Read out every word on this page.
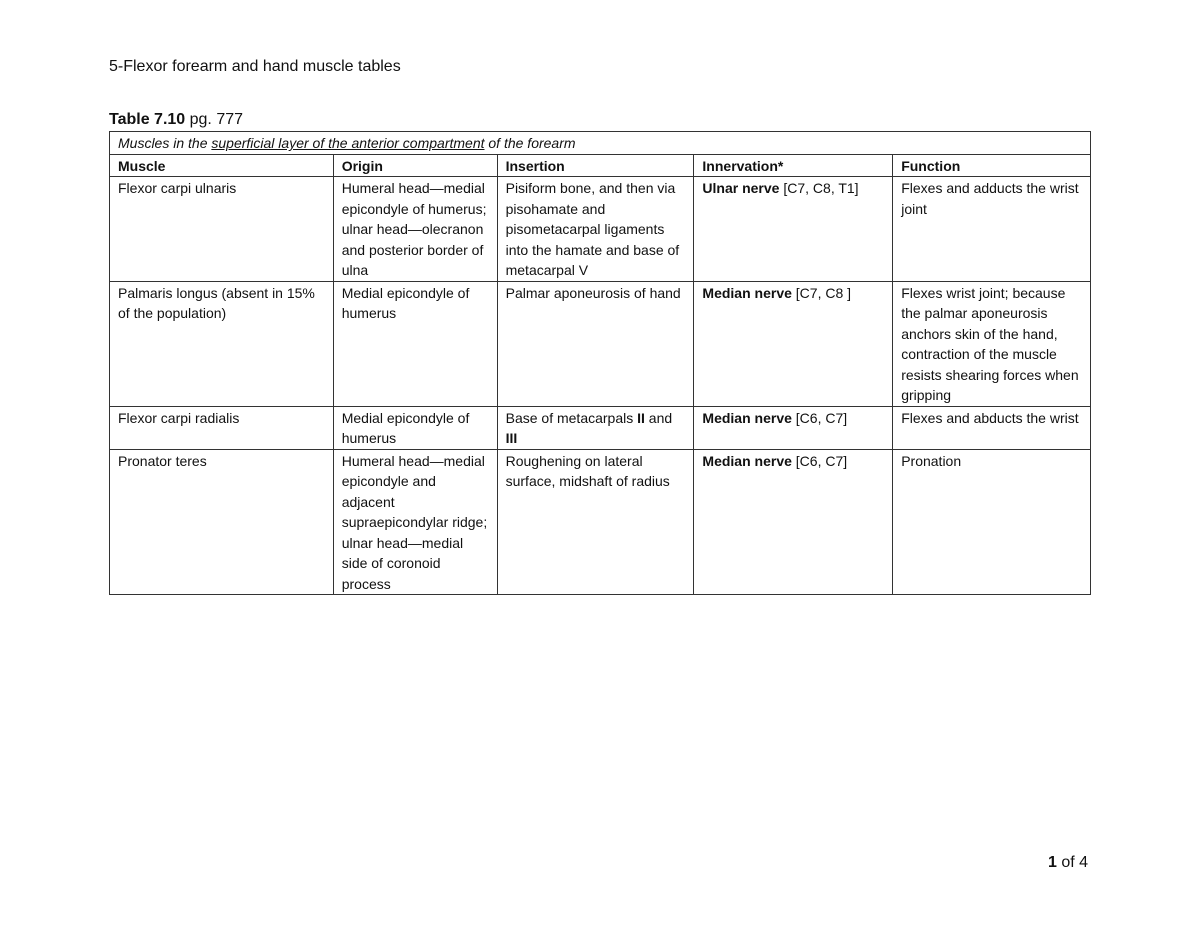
5-Flexor forearm and hand muscle tables
Table 7.10 pg. 777
Muscles in the superficial layer of the anterior compartment of the forearm				
Muscle	Origin	Insertion	Innervation*	Function
Flexor carpi ulnaris	Humeral head—medial epicondyle of humerus; ulnar head—olecranon and posterior border of ulna	Pisiform bone, and then via pisohamate and pisometacarpal ligaments into the hamate and base of metacarpal V	Ulnar nerve [C7, C8, T1]	Flexes and adducts the wrist joint
Palmaris longus (absent in 15% of the population)	Medial epicondyle of humerus	Palmar aponeurosis of hand	Median nerve [C7, C8 ]	Flexes wrist joint; because the palmar aponeurosis anchors skin of the hand, contraction of the muscle resists shearing forces when gripping
Flexor carpi radialis	Medial epicondyle of humerus	Base of metacarpals II and III	Median nerve [C6, C7]	Flexes and abducts the wrist
Pronator teres	Humeral head—medial epicondyle and adjacent supraepicondylar ridge; ulnar head—medial side of coronoid process	Roughening on lateral surface, midshaft of radius	Median nerve [C6, C7]	Pronation
1 of 4
